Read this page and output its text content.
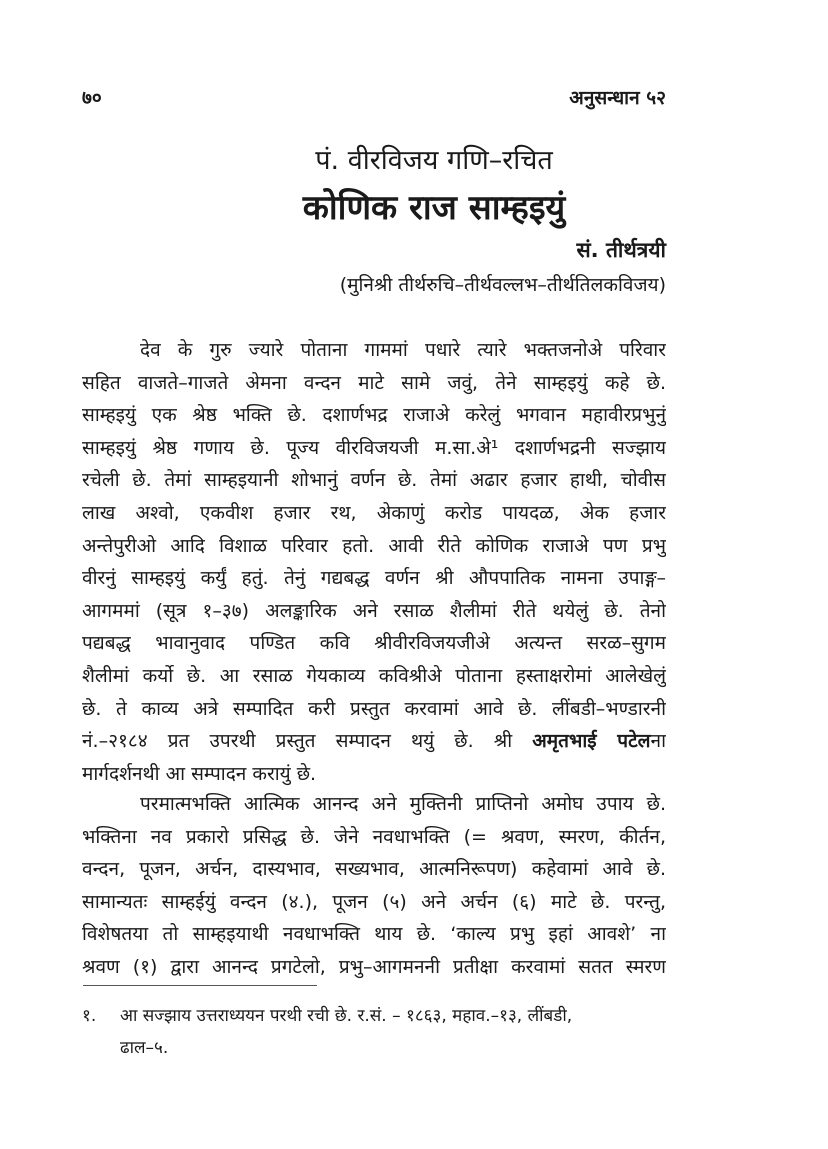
७०	अनुसन्धान ५२
पं. वीरविजय गणि–रचित
कोणिक राज साम्हइयुं
सं. तीर्थत्रयी
(मुनिश्री तीर्थरुचि–तीर्थवल्लभ–तीर्थतिलकविजय)
देव के गुरु ज्यारे पोताना गाममां पधारे त्यारे भक्तजनोअे परिवार
सहित वाजते–गाजते अेमना वन्दन माटे सामे जवुं, तेने साम्हइयुं कहे छे.
साम्हइयुं एक श्रेष्ठ भक्ति छे. दशार्णभद्र राजाअे करेलुं भगवान महावीरप्रभुनुं
साम्हइयुं श्रेष्ठ गणाय छे. पूज्य वीरविजयजी म.सा.अे¹ दशार्णभद्रनी सज्झाय
रचेली छे. तेमां साम्हइयानी शोभानुं वर्णन छे. तेमां अढार हजार हाथी, चोवीस
लाख अश्वो, एकवीश हजार रथ, अेकाणुं करोड पायदळ, अेक हजार
अन्तेपुरीओ आदि विशाळ परिवार हतो. आवी रीते कोणिक राजाअे पण प्रभु
वीरनुं साम्हइयुं कर्युं हतुं. तेनुं गद्यबद्ध वर्णन श्री औपपातिक नामना उपाङ्ग–
आगममां (सूत्र १–३७) अलङ्कारिक अने रसाळ शैलीमां रीते थयेलुं छे. तेनो
पद्यबद्ध भावानुवाद पण्डित कवि श्रीवीरविजयजीअे अत्यन्त सरळ–सुगम
शैलीमां कर्यो छे. आ रसाळ गेयकाव्य कविश्रीअे पोताना हस्ताक्षरोमां आलेखेलुं
छे. ते काव्य अत्रे सम्पादित करी प्रस्तुत करवामां आवे छे. लींबडी–भण्डारनी
नं.–२१८४ प्रत उपरथी प्रस्तुत सम्पादन थयुं छे. श्री अमृतभाई पटेलना
मार्गदर्शनथी आ सम्पादन करायुं छे.
परमात्मभक्ति आत्मिक आनन्द अने मुक्तिनी प्राप्तिनो अमोघ उपाय छे.
भक्तिना नव प्रकारो प्रसिद्ध छे. जेने नवधाभक्ति (= श्रवण, स्मरण, कीर्तन,
वन्दन, पूजन, अर्चन, दास्यभाव, सख्यभाव, आत्मनिरूपण) कहेवामां आवे छे.
सामान्यतः साम्हईयुं वन्दन (४.), पूजन (५) अने अर्चन (६) माटे छे. परन्तु,
विशेषतया तो साम्हइयाथी नवधाभक्ति थाय छे. ‘काल्य प्रभु इहां आवशे’ ना
श्रवण (१) द्वारा आनन्द प्रगटेलो, प्रभु–आगमननी प्रतीक्षा करवामां सतत स्मरण
१. आ सज्झाय उत्तराध्ययन परथी रची छे. र.सं. – १८६३, महाव.–१३, लींबडी,
ढाल–५.
